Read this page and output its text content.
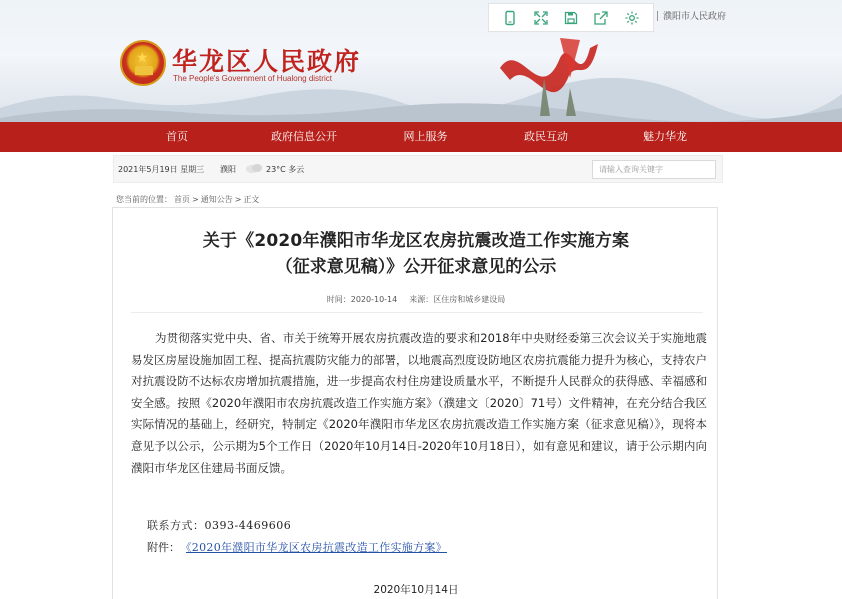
★ 华龙区人民政府
The People's Government of Hualong district
濮阳市人民政府
首页	政府信息公开	网上服务	政民互动	魅力华龙
2021年5月19日 星期三 濮阳	23°C 多云	请输入查询关键字
您当前的位置： 首页 > 通知公告 > 正文
关于《2020年濮阳市华龙区农房抗震改造工作实施方案
（征求意见稿）》公开征求意见的公示
时间：2020-10-14 来源：区住房和城乡建设局
为贯彻落实党中央、省、市关于统筹开展农房抗震改造的要求和2018年中央财经委第三次会议关于实施地震易发区房屋设施加固工程、提高抗震防灾能力的部署，以地震高烈度设防地区农房抗震能力提升为核心，支持农户对抗震设防不达标农房增加抗震措施，进一步提高农村住房建设质量水平，不断提升人民群众的获得感、幸福感和安全感。按照《2020年濮阳市农房抗震改造工作实施方案》（濮建文〔2020〕71号）文件精神，在充分结合我区实际情况的基础上，经研究，特制定《2020年濮阳市华龙区农房抗震改造工作实施方案（征求意见稿）》，现将本意见予以公示，公示期为5个工作日（2020年10月14日-2020年10月18日），如有意见和建议，请于公示期内向濮阳市华龙区住建局书面反馈。
联系方式：0393-4469606
附件： 《2020年濮阳市华龙区农房抗震改造工作实施方案》
2020年10月14日
